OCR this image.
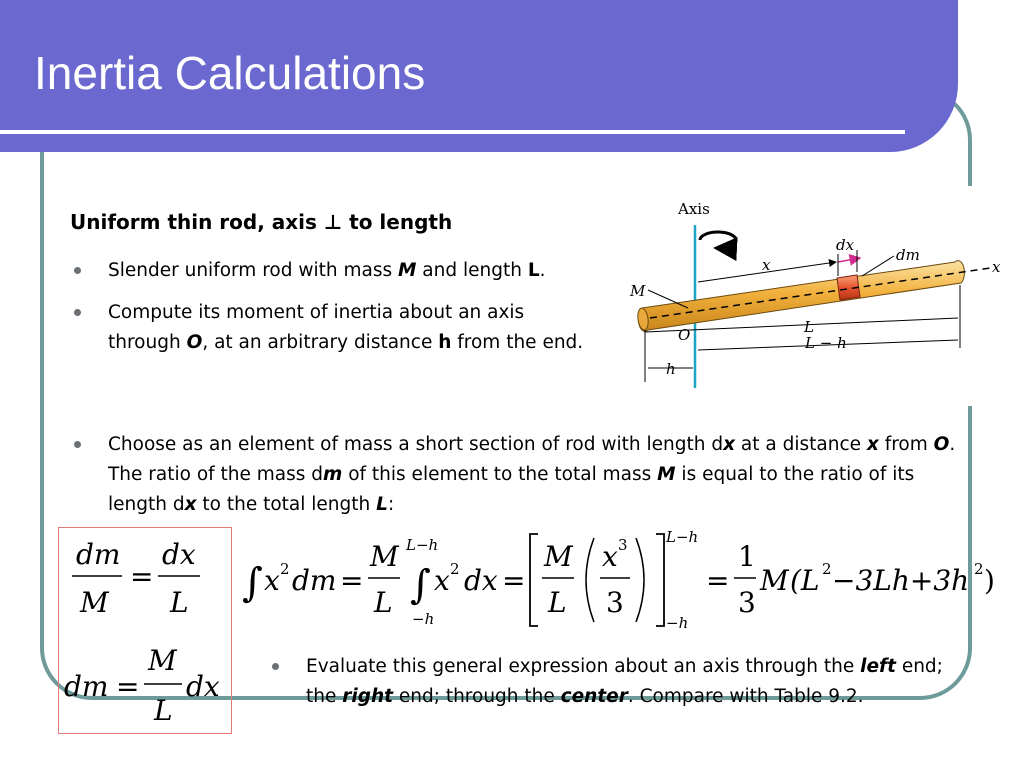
Inertia Calculations

Uniform thin rod, axis ⊥ to length

Slender uniform rod with mass M and length L.
Compute its moment of inertia about an axis through O, at an arbitrary distance h from the end.
Choose as an element of mass a short section of rod with length dx at a distance x from O. The ratio of the mass dm of this element to the total mass M is equal to the ratio of its length dx to the total length L:
Evaluate this general expression about an axis through the left end; the right end; through the center. Compare with Table 9.2.
Axis
x
dx
dm
x
M
O	L
L − h
h
dm
M
=
dx
L
dm =
M
L
dx
∫ x 2 dm =
M
L
L−h
∫
−h
x 2 dx =
M
L
x 3
3
L−h
−h
=
1
3
M (L 2 −3Lh+3h 2 )
